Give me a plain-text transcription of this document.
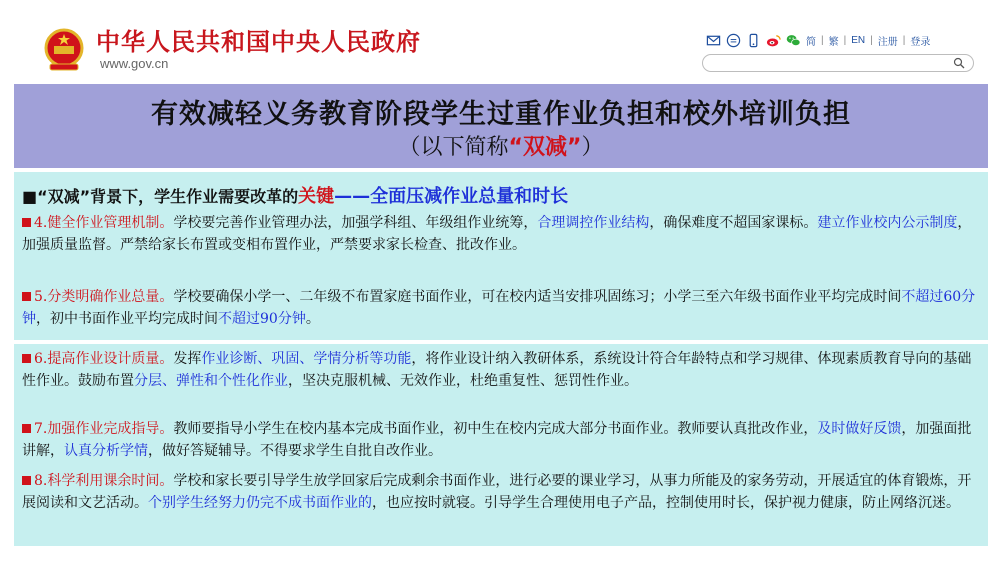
中华人民共和国中央人民政府
www.gov.cn
简 | 繁 | EN | 注册 | 登录
有效减轻义务教育阶段学生过重作业负担和校外培训负担
（以下简称“双减”）
■“双减”背景下，学生作业需要改革的关键——全面压减作业总量和时长
4.健全作业管理机制。学校要完善作业管理办法，加强学科组、年级组作业统筹，合理调控作业结构，确保难度不超国家课标。建立作业校内公示制度，加强质量监督。严禁给家长布置或变相布置作业，严禁要求家长检查、批改作业。
5.分类明确作业总量。学校要确保小学一、二年级不布置家庭书面作业，可在校内适当安排巩固练习；小学三至六年级书面作业平均完成时间不超过60分钟，初中书面作业平均完成时间不超过90分钟。
6.提高作业设计质量。发挥作业诊断、巩固、学情分析等功能，将作业设计纳入教研体系，系统设计符合年龄特点和学习规律、体现素质教育导向的基础性作业。鼓励布置分层、弹性和个性化作业，坚决克服机械、无效作业，杜绝重复性、惩罚性作业。
7.加强作业完成指导。教师要指导小学生在校内基本完成书面作业，初中生在校内完成大部分书面作业。教师要认真批改作业，及时做好反馈，加强面批讲解，认真分析学情，做好答疑辅导。不得要求学生自批自改作业。
8.科学利用课余时间。学校和家长要引导学生放学回家后完成剩余书面作业，进行必要的课业学习，从事力所能及的家务劳动，开展适宜的体育锻炼，开展阅读和文艺活动。个别学生经努力仍完不成书面作业的，也应按时就寝。引导学生合理使用电子产品，控制使用时长，保护视力健康，防止网络沉迷。
